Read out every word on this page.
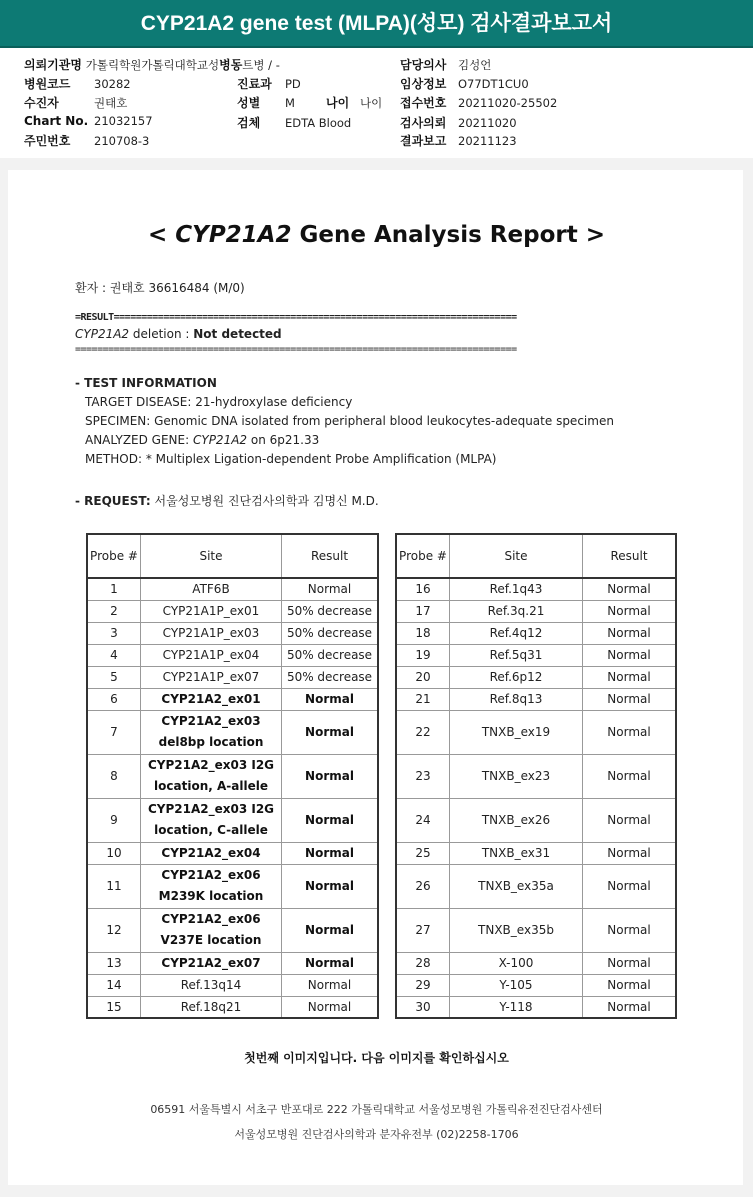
CYP21A2 gene test (MLPA)(성모) 검사결과보고서
의뢰기관명 가톨릭학원가톨릭대학교성병동트병 / -
병원코드 30282
수진자	권태호
Chart No. 21032157
주민번호 210708-3
진료과 PD
성별 M	나이 나이
검체 EDTA Blood
담당의사 김성언
임상정보 O77DT1CU0
접수번호 20211020-25502
검사의뢰 20211020
결과보고 20211123
< CYP21A2 Gene Analysis Report >
환자 : 권태호 36616484 (M/0)
=RESULT=========================================================================
CYP21A2 deletion : Not detected
================================================================================
- TEST INFORMATION
TARGET DISEASE: 21-hydroxylase deficiency
SPECIMEN: Genomic DNA isolated from peripheral blood leukocytes-adequate specimen
ANALYZED GENE: CYP21A2 on 6p21.33
METHOD: * Multiplex Ligation-dependent Probe Amplification (MLPA)
- REQUEST: 서울성모병원 진단검사의학과 김명신 M.D.
Probe #	Site	Result
1	ATF6B	Normal
2	CYP21A1P_ex01	50% decrease
3	CYP21A1P_ex03	50% decrease
4	CYP21A1P_ex04	50% decrease
5	CYP21A1P_ex07	50% decrease
6	CYP21A2_ex01	Normal
7	CYP21A2_ex03 del8bp location	Normal
8	CYP21A2_ex03 I2G location, A-allele	Normal
9	CYP21A2_ex03 I2G location, C-allele	Normal
10	CYP21A2_ex04	Normal
11	CYP21A2_ex06 M239K location	Normal
12	CYP21A2_ex06 V237E location	Normal
13	CYP21A2_ex07	Normal
14	Ref.13q14	Normal
15	Ref.18q21	Normal
Probe #	Site	Result
16	Ref.1q43	Normal
17	Ref.3q.21	Normal
18	Ref.4q12	Normal
19	Ref.5q31	Normal
20	Ref.6p12	Normal
21	Ref.8q13	Normal
22	TNXB_ex19	Normal
23	TNXB_ex23	Normal
24	TNXB_ex26	Normal
25	TNXB_ex31	Normal
26	TNXB_ex35a	Normal
27	TNXB_ex35b	Normal
28	X-100	Normal
29	Y-105	Normal
30	Y-118	Normal
첫번째 이미지입니다. 다음 이미지를 확인하십시오
06591 서울특별시 서초구 반포대로 222 가톨릭대학교 서울성모병원 가톨릭유전진단검사센터
서울성모병원 진단검사의학과 분자유전부 (02)2258-1706
